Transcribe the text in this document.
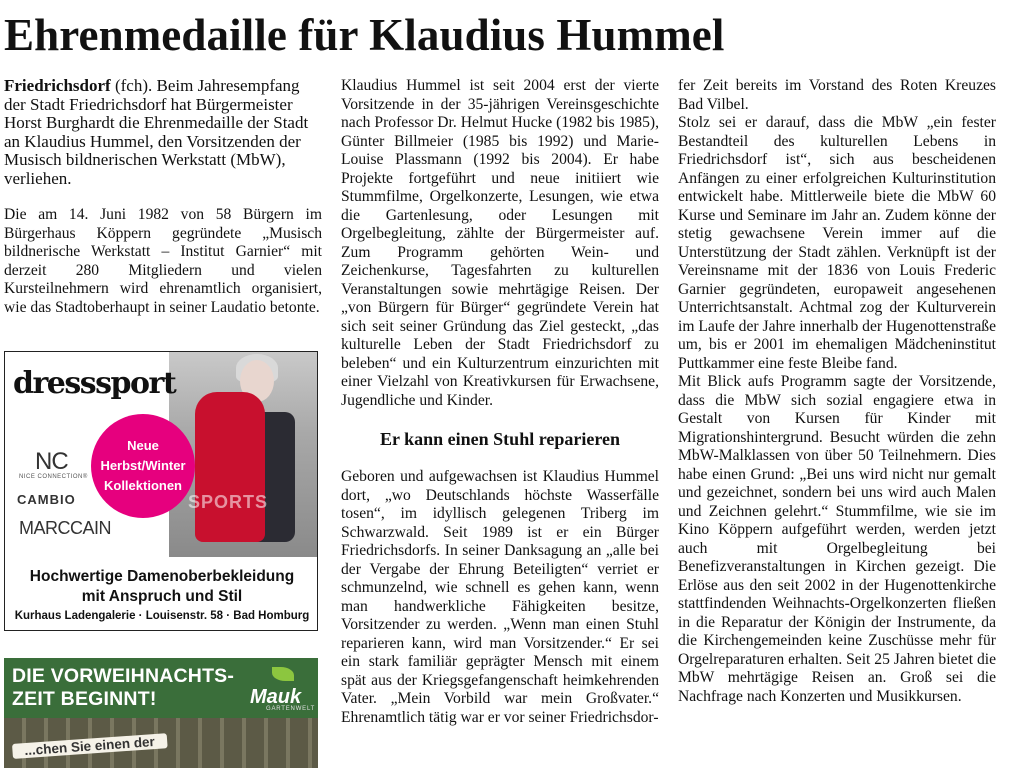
Ehrenmedaille für Klaudius Hummel

Friedrichsdorf (fch). Beim Jahresempfang der Stadt Friedrichsdorf hat Bürgermeister Horst Burghardt die Ehrenmedaille der Stadt an Klaudius Hummel, den Vorsitzenden der Musisch bildnerischen Werkstatt (MbW), verliehen.

Die am 14. Juni 1982 von 58 Bürgern im Bürgerhaus Köppern gegründete „Musisch bildnerische Werkstatt – Institut Garnier“ mit derzeit 280 Mitgliedern und vielen Kursteilnehmern wird ehrenamtlich organisiert, wie das Stadtoberhaupt in seiner Laudatio betonte.

SPORTS
dresssport
Neue
Herbst/Winter
Kollektionen
NC
NICE CONNECTION®
CAMBIO
MARCCAIN
Hochwertige Damenoberbekleidung
mit Anspruch und Stil
Kurhaus Ladengalerie · Louisenstr. 58 · Bad Homburg
DIE VORWEIHNACHTS-
ZEIT BEGINNT!	Mauk
GARTENWELT
...chen Sie einen der

Klaudius Hummel ist seit 2004 erst der vierte Vorsitzende in der 35-jährigen Vereinsgeschichte nach Professor Dr. Helmut Hucke (1982 bis 1985), Günter Billmeier (1985 bis 1992) und Marie-Louise Plassmann (1992 bis 2004). Er habe Projekte fortgeführt und neue initiiert wie Stummfilme, Orgelkonzerte, Lesungen, wie etwa die Gartenlesung, oder Lesungen mit Orgelbegleitung, zählte der Bürgermeister auf. Zum Programm gehörten Wein- und Zeichenkurse, Tagesfahrten zu kulturellen Veranstaltungen sowie mehrtägige Reisen. Der „von Bürgern für Bürger“ gegründete Verein hat sich seit seiner Gründung das Ziel gesteckt, „das kulturelle Leben der Stadt Friedrichsdorf zu beleben“ und ein Kulturzentrum einzurichten mit einer Vielzahl von Kreativkursen für Erwachsene, Jugendliche und Kinder.

Er kann einen Stuhl reparieren

Geboren und aufgewachsen ist Klaudius Hummel dort, „wo Deutschlands höchste Wasserfälle tosen“, im idyllisch gelegenen Triberg im Schwarzwald. Seit 1989 ist er ein Bürger Friedrichsdorfs. In seiner Danksagung an „alle bei der Vergabe der Ehrung Beteiligten“ verriet er schmunzelnd, wie schnell es gehen kann, wenn man handwerkliche Fähigkeiten besitze, Vorsitzender zu werden. „Wenn man einen Stuhl reparieren kann, wird man Vorsitzender.“ Er sei ein stark familiär geprägter Mensch mit einem spät aus der Kriegsgefangenschaft heimkehrenden Vater. „Mein Vorbild war mein Großvater.“ Ehrenamtlich tätig war er vor seiner Friedrichsdor-

fer Zeit bereits im Vorstand des Roten Kreuzes Bad Vilbel.

Stolz sei er darauf, dass die MbW „ein fester Bestandteil des kulturellen Lebens in Friedrichsdorf ist“, sich aus bescheidenen Anfängen zu einer erfolgreichen Kulturinstitution entwickelt habe. Mittlerweile biete die MbW 60 Kurse und Seminare im Jahr an. Zudem könne der stetig gewachsene Verein immer auf die Unterstützung der Stadt zählen. Verknüpft ist der Vereinsname mit der 1836 von Louis Frederic Garnier gegründeten, europaweit angesehenen Unterrichtsanstalt. Achtmal zog der Kulturverein im Laufe der Jahre innerhalb der Hugenottenstraße um, bis er 2001 im ehemaligen Mädcheninstitut Puttkammer eine feste Bleibe fand.

Mit Blick aufs Programm sagte der Vorsitzende, dass die MbW sich sozial engagiere etwa in Gestalt von Kursen für Kinder mit Migrationshintergrund. Besucht würden die zehn MbW-Malklassen von über 50 Teilnehmern. Dies habe einen Grund: „Bei uns wird nicht nur gemalt und gezeichnet, sondern bei uns wird auch Malen und Zeichnen gelehrt.“ Stummfilme, wie sie im Kino Köppern aufgeführt werden, werden jetzt auch mit Orgelbegleitung bei Benefizveranstaltungen in Kirchen gezeigt. Die Erlöse aus den seit 2002 in der Hugenottenkirche stattfindenden Weihnachts-Orgelkonzerten fließen in die Reparatur der Königin der Instrumente, da die Kirchengemeinden keine Zuschüsse mehr für Orgelreparaturen erhalten. Seit 25 Jahren bietet die MbW mehrtägige Reisen an. Groß sei die Nachfrage nach Konzerten und Musikkursen.
